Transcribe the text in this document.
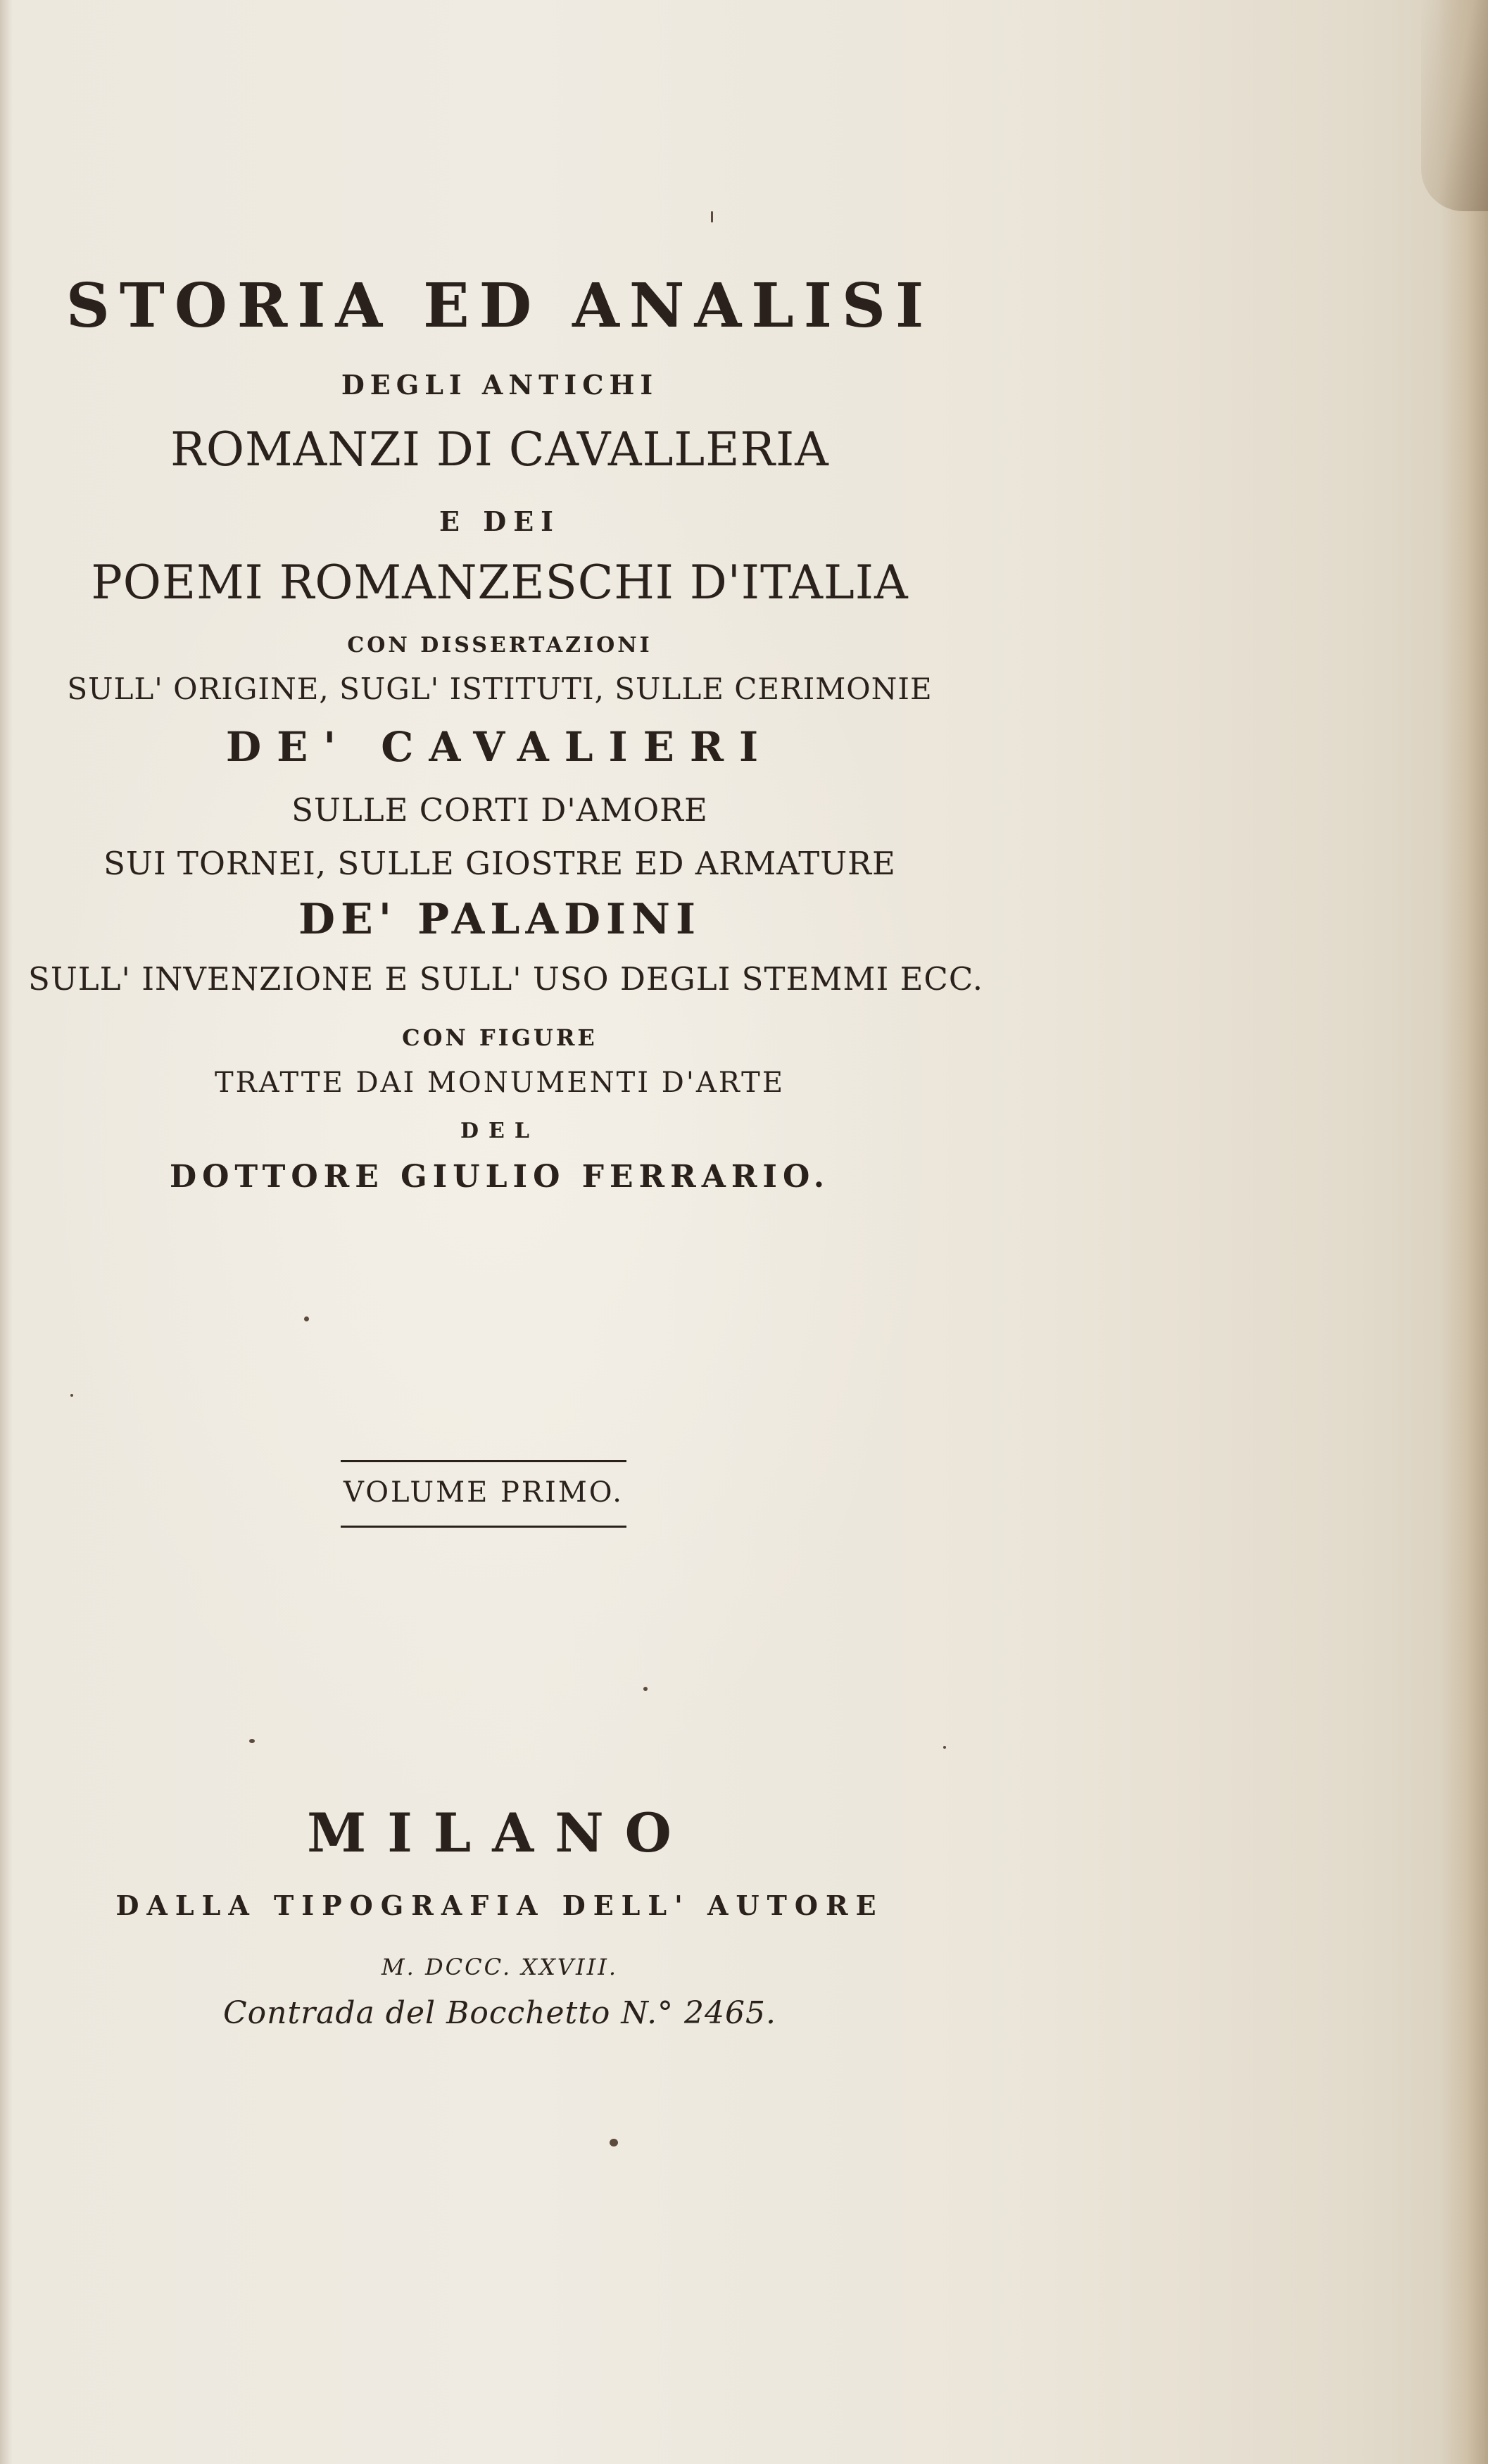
STORIA ED ANALISI
DEGLI ANTICHI
ROMANZI DI CAVALLERIA
E DEI
POEMI ROMANZESCHI D'ITALIA
CON DISSERTAZIONI
SULL' ORIGINE, SUGL' ISTITUTI, SULLE CERIMONIE
DE' CAVALIERI
SULLE CORTI D'AMORE
SUI TORNEI, SULLE GIOSTRE ED ARMATURE
DE' PALADINI
SULL' INVENZIONE E SULL' USO DEGLI STEMMI ECC.
CON FIGURE
TRATTE DAI MONUMENTI D'ARTE
DEL
DOTTORE GIULIO FERRARIO.
VOLUME PRIMO.
MILANO
DALLA TIPOGRAFIA DELL' AUTORE
M. DCCC. XXVIII.
Contrada del Bocchetto N.° 2465.
